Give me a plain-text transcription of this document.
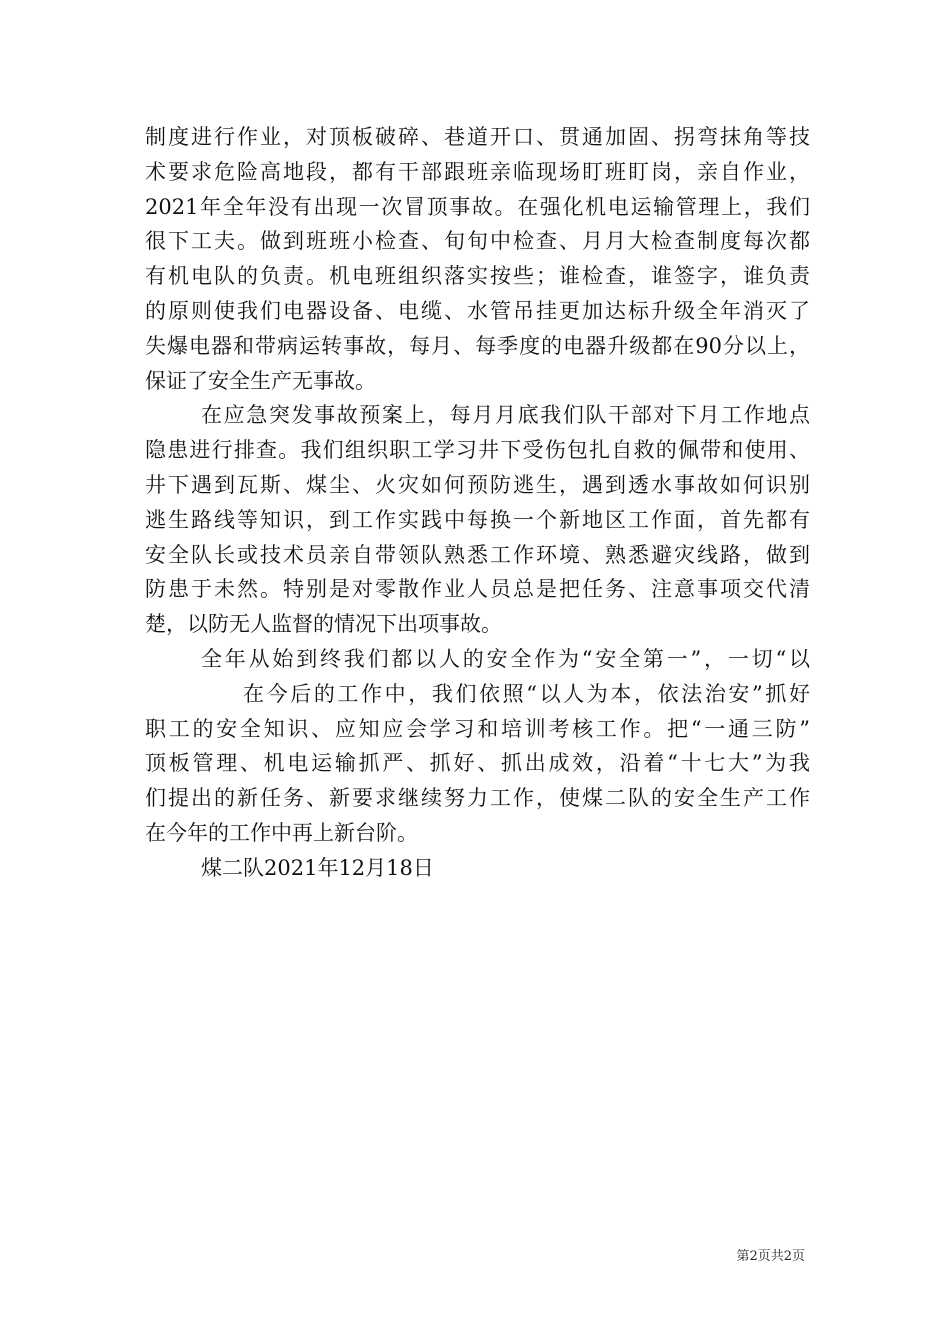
制度进行作业，对顶板破碎、巷道开口、贯通加固、拐弯抹角等技
术要求危险高地段，都有干部跟班亲临现场盯班盯岗，亲自作业，
2021年全年没有出现一次冒顶事故。在强化机电运输管理上，我们
很下工夫。做到班班小检查、旬旬中检查、月月大检查制度每次都
有机电队的负责。机电班组织落实按些；谁检查，谁签字，谁负责
的原则使我们电器设备、电缆、水管吊挂更加达标升级全年消灭了
失爆电器和带病运转事故，每月、每季度的电器升级都在90分以上，
保证了安全生产无事故。
在应急突发事故预案上，每月月底我们队干部对下月工作地点
隐患进行排查。我们组织职工学习井下受伤包扎自救的佩带和使用、
井下遇到瓦斯、煤尘、火灾如何预防逃生，遇到透水事故如何识别
逃生路线等知识，到工作实践中每换一个新地区工作面，首先都有
安全队长或技术员亲自带领队熟悉工作环境、熟悉避灾线路，做到
防患于未然。特别是对零散作业人员总是把任务、注意事项交代清
楚，以防无人监督的情况下出项事故。
全年从始到终我们都以人的安全作为“安全第一”，一切“以
在今后的工作中，我们依照“以人为本，依法治安”抓好
职工的安全知识、应知应会学习和培训考核工作。把“一通三防”
顶板管理、机电运输抓严、抓好、抓出成效，沿着“十七大”为我
们提出的新任务、新要求继续努力工作，使煤二队的安全生产工作
在今年的工作中再上新台阶。
煤二队2021年12月18日
第2页共2页
